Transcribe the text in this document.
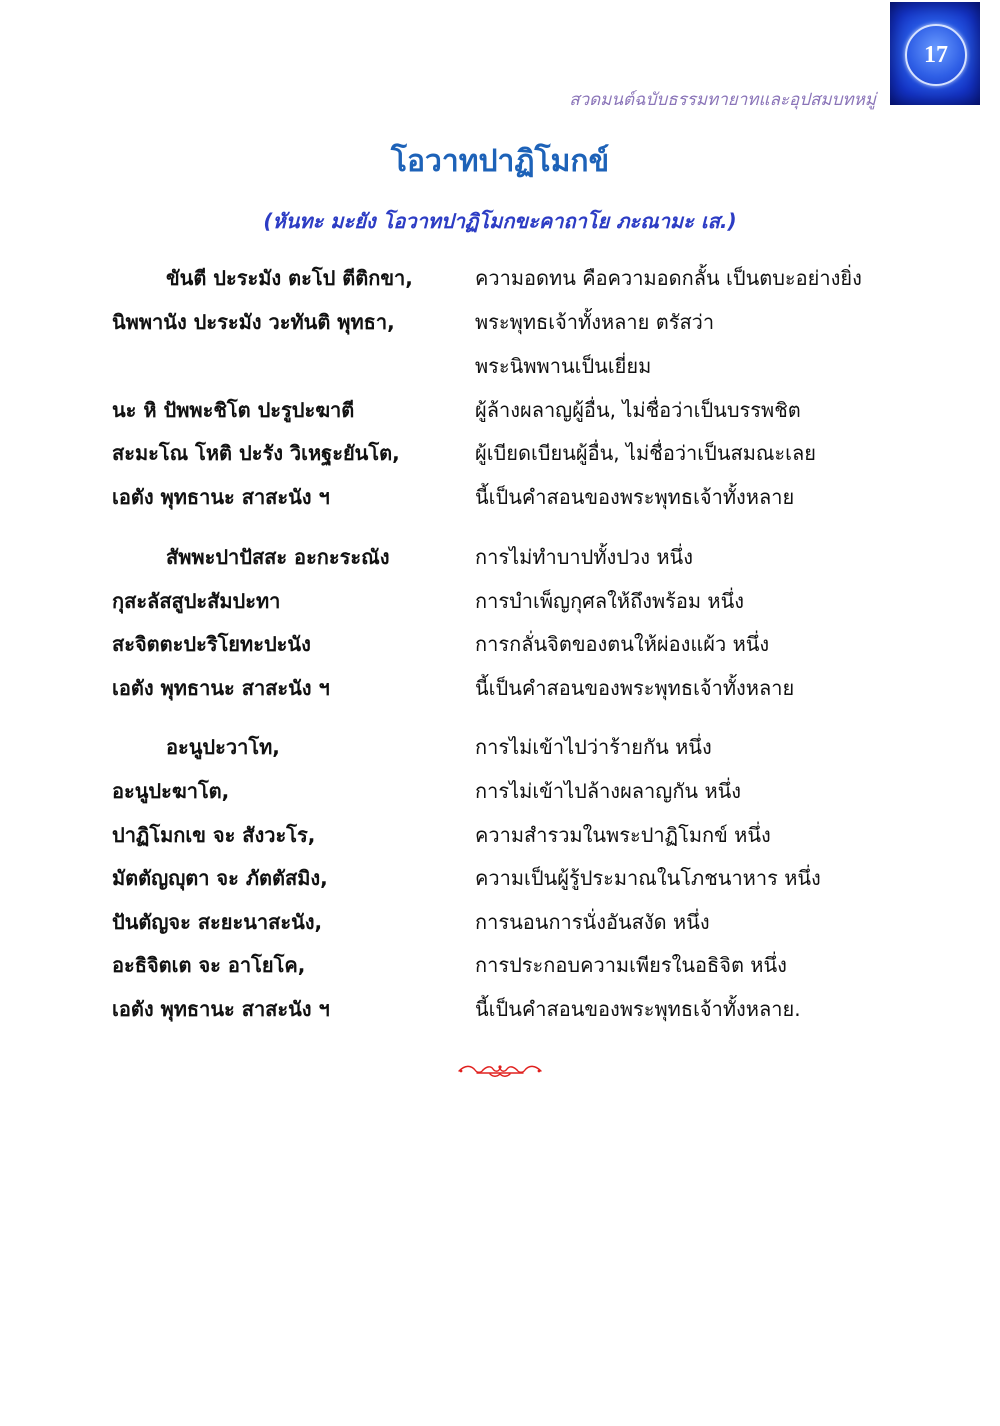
17
สวดมนต์ฉบับธรรมทายาทและอุปสมบทหมู่
โอวาทปาฏิโมกข์
(หันทะ มะยัง โอวาทปาฏิโมกขะคาถาโย ภะณามะ เส.)
ขันตี ปะระมัง ตะโป ตีติกขา,	ความอดทน คือความอดกลั้น เป็นตบะอย่างยิ่ง
นิพพานัง ปะระมัง วะทันติ พุทธา,	พระพุทธเจ้าทั้งหลาย ตรัสว่า
พระนิพพานเป็นเยี่ยม
นะ หิ ปัพพะชิโต ปะรูปะฆาตี	ผู้ล้างผลาญผู้อื่น, ไม่ชื่อว่าเป็นบรรพชิต
สะมะโณ โหติ ปะรัง วิเหฐะยันโต,	ผู้เบียดเบียนผู้อื่น, ไม่ชื่อว่าเป็นสมณะเลย
เอตัง พุทธานะ สาสะนัง ฯ	นี้เป็นคำสอนของพระพุทธเจ้าทั้งหลาย
สัพพะปาปัสสะ อะกะระณัง	การไม่ทำบาปทั้งปวง หนึ่ง
กุสะลัสสูปะสัมปะทา	การบำเพ็ญกุศลให้ถึงพร้อม หนึ่ง
สะจิตตะปะริโยทะปะนัง	การกลั่นจิตของตนให้ผ่องแผ้ว หนึ่ง
เอตัง พุทธานะ สาสะนัง ฯ	นี้เป็นคำสอนของพระพุทธเจ้าทั้งหลาย
อะนูปะวาโท,	การไม่เข้าไปว่าร้ายกัน หนึ่ง
อะนูปะฆาโต,	การไม่เข้าไปล้างผลาญกัน หนึ่ง
ปาฏิโมกเข จะ สังวะโร,	ความสำรวมในพระปาฏิโมกข์ หนึ่ง
มัตตัญญุตา จะ ภัตตัสมิง,	ความเป็นผู้รู้ประมาณในโภชนาหาร หนึ่ง
ปันตัญจะ สะยะนาสะนัง,	การนอนการนั่งอันสงัด หนึ่ง
อะธิจิตเต จะ อาโยโค,	การประกอบความเพียรในอธิจิต หนึ่ง
เอตัง พุทธานะ สาสะนัง ฯ	นี้เป็นคำสอนของพระพุทธเจ้าทั้งหลาย.
